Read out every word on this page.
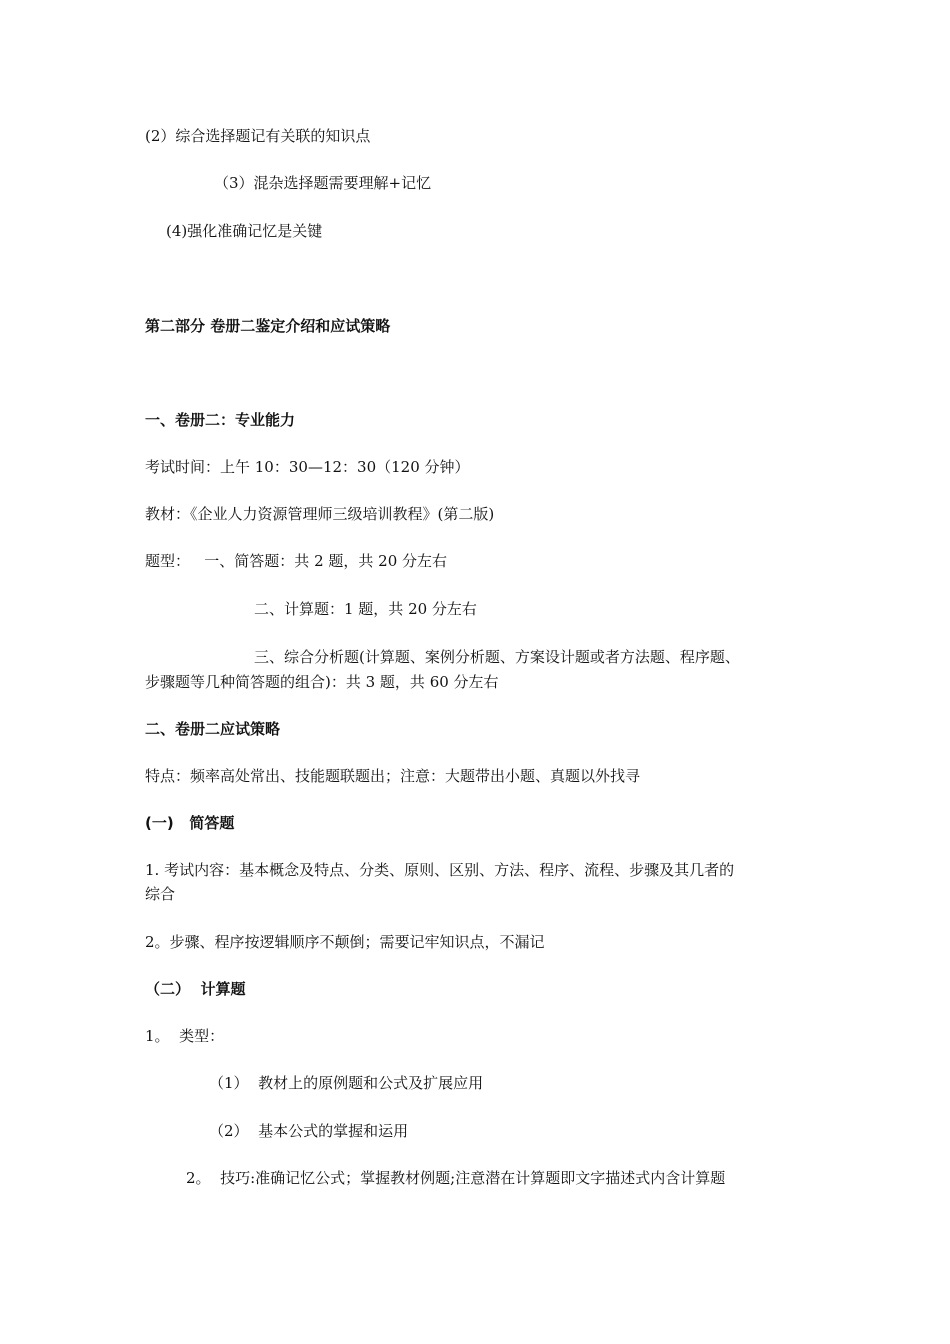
(2）综合选择题记有关联的知识点
（3）混杂选择题需要理解+记忆
(4)强化准确记忆是关键
第二部分 卷册二鉴定介绍和应试策略
一、卷册二：专业能力
考试时间：上午 10：30—12：30（120 分钟）
教材：《企业人力资源管理师三级培训教程》(第二版)
题型：   一、简答题：共 2 题，共 20 分左右
二、计算题：1 题，共 20 分左右
三、综合分析题(计算题、案例分析题、方案设计题或者方法题、程序题、
步骤题等几种简答题的组合)：共 3 题，共 60 分左右
二、卷册二应试策略
特点：频率高处常出、技能题联题出；注意：大题带出小题、真题以外找寻
(一)   简答题
1. 考试内容：基本概念及特点、分类、原则、区别、方法、程序、流程、步骤及其几者的
综合
2。步骤、程序按逻辑顺序不颠倒；需要记牢知识点，不漏记
（二）  计算题
1。  类型：
（1）  教材上的原例题和公式及扩展应用
（2）  基本公式的掌握和运用
2。  技巧:准确记忆公式；掌握教材例题;注意潜在计算题即文字描述式内含计算题
